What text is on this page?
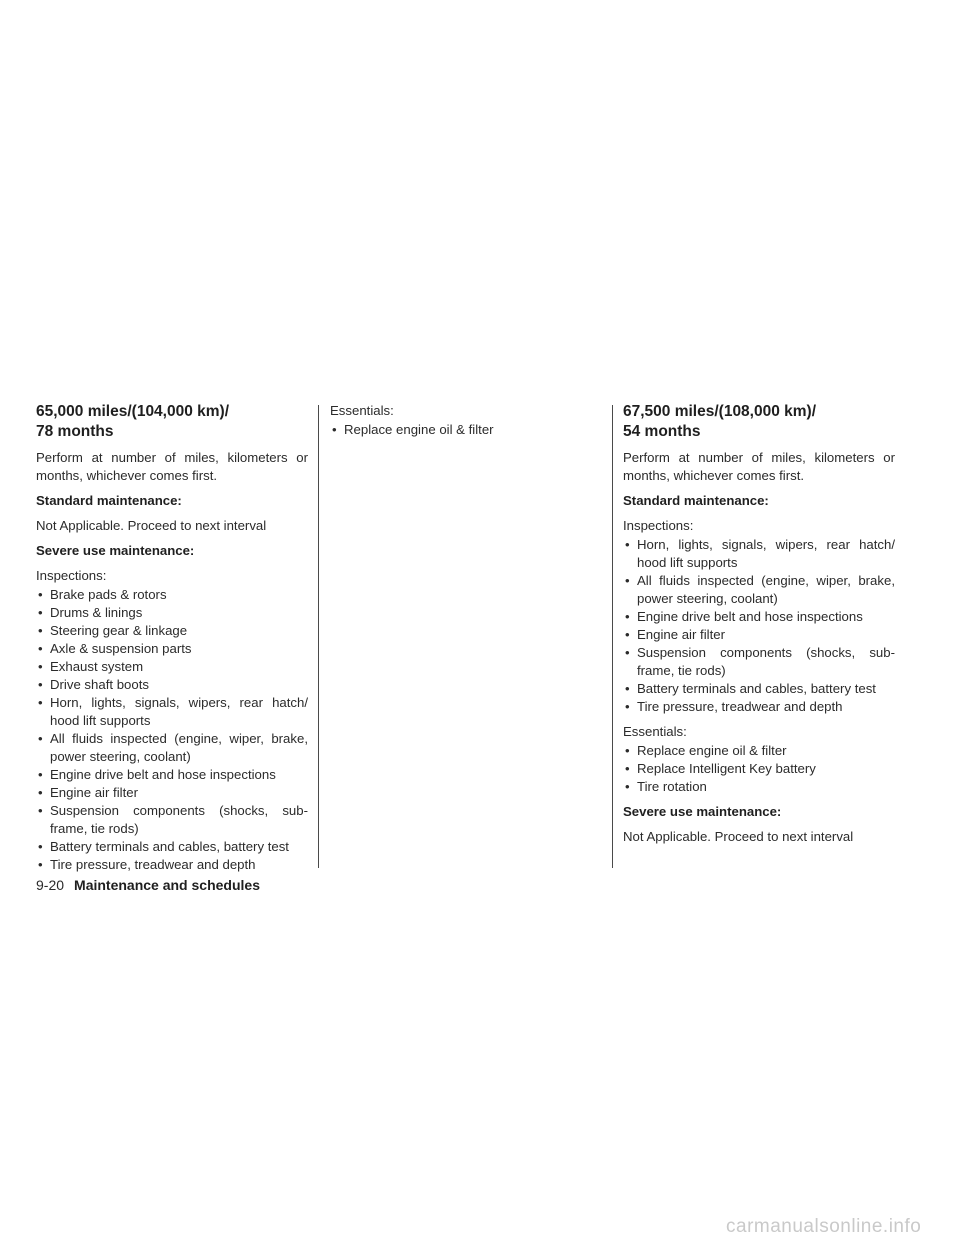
65,000 miles/(104,000 km)/
78 months
Perform at number of miles, kilometers or months, whichever comes first.
Standard maintenance:
Not Applicable. Proceed to next interval
Severe use maintenance:
Inspections:
• Brake pads & rotors
• Drums & linings
• Steering gear & linkage
• Axle & suspension parts
• Exhaust system
• Drive shaft boots
• Horn, lights, signals, wipers, rear hatch/ hood lift supports
• All fluids inspected (engine, wiper, brake, power steering, coolant)
• Engine drive belt and hose inspections
• Engine air filter
• Suspension components (shocks, sub- frame, tie rods)
• Battery terminals and cables, battery test
• Tire pressure, treadwear and depth
Essentials:
• Replace engine oil & filter
67,500 miles/(108,000 km)/
54 months
Perform at number of miles, kilometers or months, whichever comes first.
Standard maintenance:
Inspections:
• Horn, lights, signals, wipers, rear hatch/ hood lift supports
• All fluids inspected (engine, wiper, brake, power steering, coolant)
• Engine drive belt and hose inspections
• Engine air filter
• Suspension components (shocks, sub- frame, tie rods)
• Battery terminals and cables, battery test
• Tire pressure, treadwear and depth
Essentials:
• Replace engine oil & filter
• Replace Intelligent Key battery
• Tire rotation
Severe use maintenance:
Not Applicable. Proceed to next interval
9-20 Maintenance and schedules
carmanualsonline.info
